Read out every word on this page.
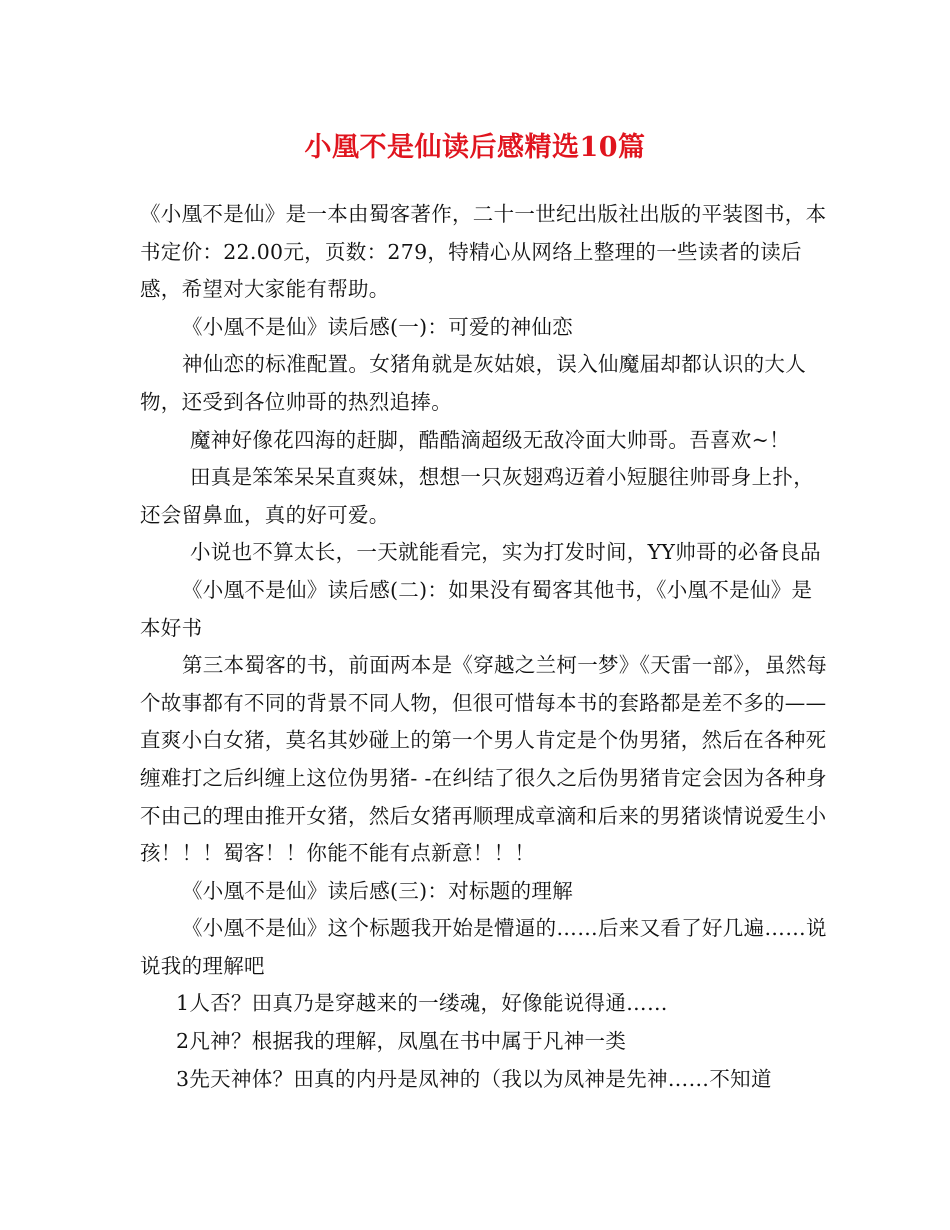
小凰不是仙读后感精选10篇

《小凰不是仙》是一本由蜀客著作，二十一世纪出版社出版的平装图书，本书定价：22.00元，页数：279，特精心从网络上整理的一些读者的读后感，希望对大家能有帮助。

《小凰不是仙》读后感(一)：可爱的神仙恋

神仙恋的标准配置。女猪角就是灰姑娘，误入仙魔届却都认识的大人物，还受到各位帅哥的热烈追捧。

魔神好像花四海的赶脚，酷酷滴超级无敌冷面大帅哥。吾喜欢~！

田真是笨笨呆呆直爽妹，想想一只灰翅鸡迈着小短腿往帅哥身上扑，还会留鼻血，真的好可爱。

小说也不算太长，一天就能看完，实为打发时间，YY帅哥的必备良品

《小凰不是仙》读后感(二)：如果没有蜀客其他书，《小凰不是仙》是本好书

第三本蜀客的书，前面两本是《穿越之兰柯一梦》《天雷一部》，虽然每个故事都有不同的背景不同人物，但很可惜每本书的套路都是差不多的——直爽小白女猪，莫名其妙碰上的第一个男人肯定是个伪男猪，然后在各种死缠难打之后纠缠上这位伪男猪- -在纠结了很久之后伪男猪肯定会因为各种身不由己的理由推开女猪，然后女猪再顺理成章滴和后来的男猪谈情说爱生小孩！！！蜀客！！你能不能有点新意！！！

《小凰不是仙》读后感(三)：对标题的理解

《小凰不是仙》这个标题我开始是懵逼的……后来又看了好几遍……说说我的理解吧

1人否？田真乃是穿越来的一缕魂，好像能说得通……

2凡神？根据我的理解，凤凰在书中属于凡神一类

3先天神体？田真的内丹是凤神的（我以为凤神是先神……不知道
